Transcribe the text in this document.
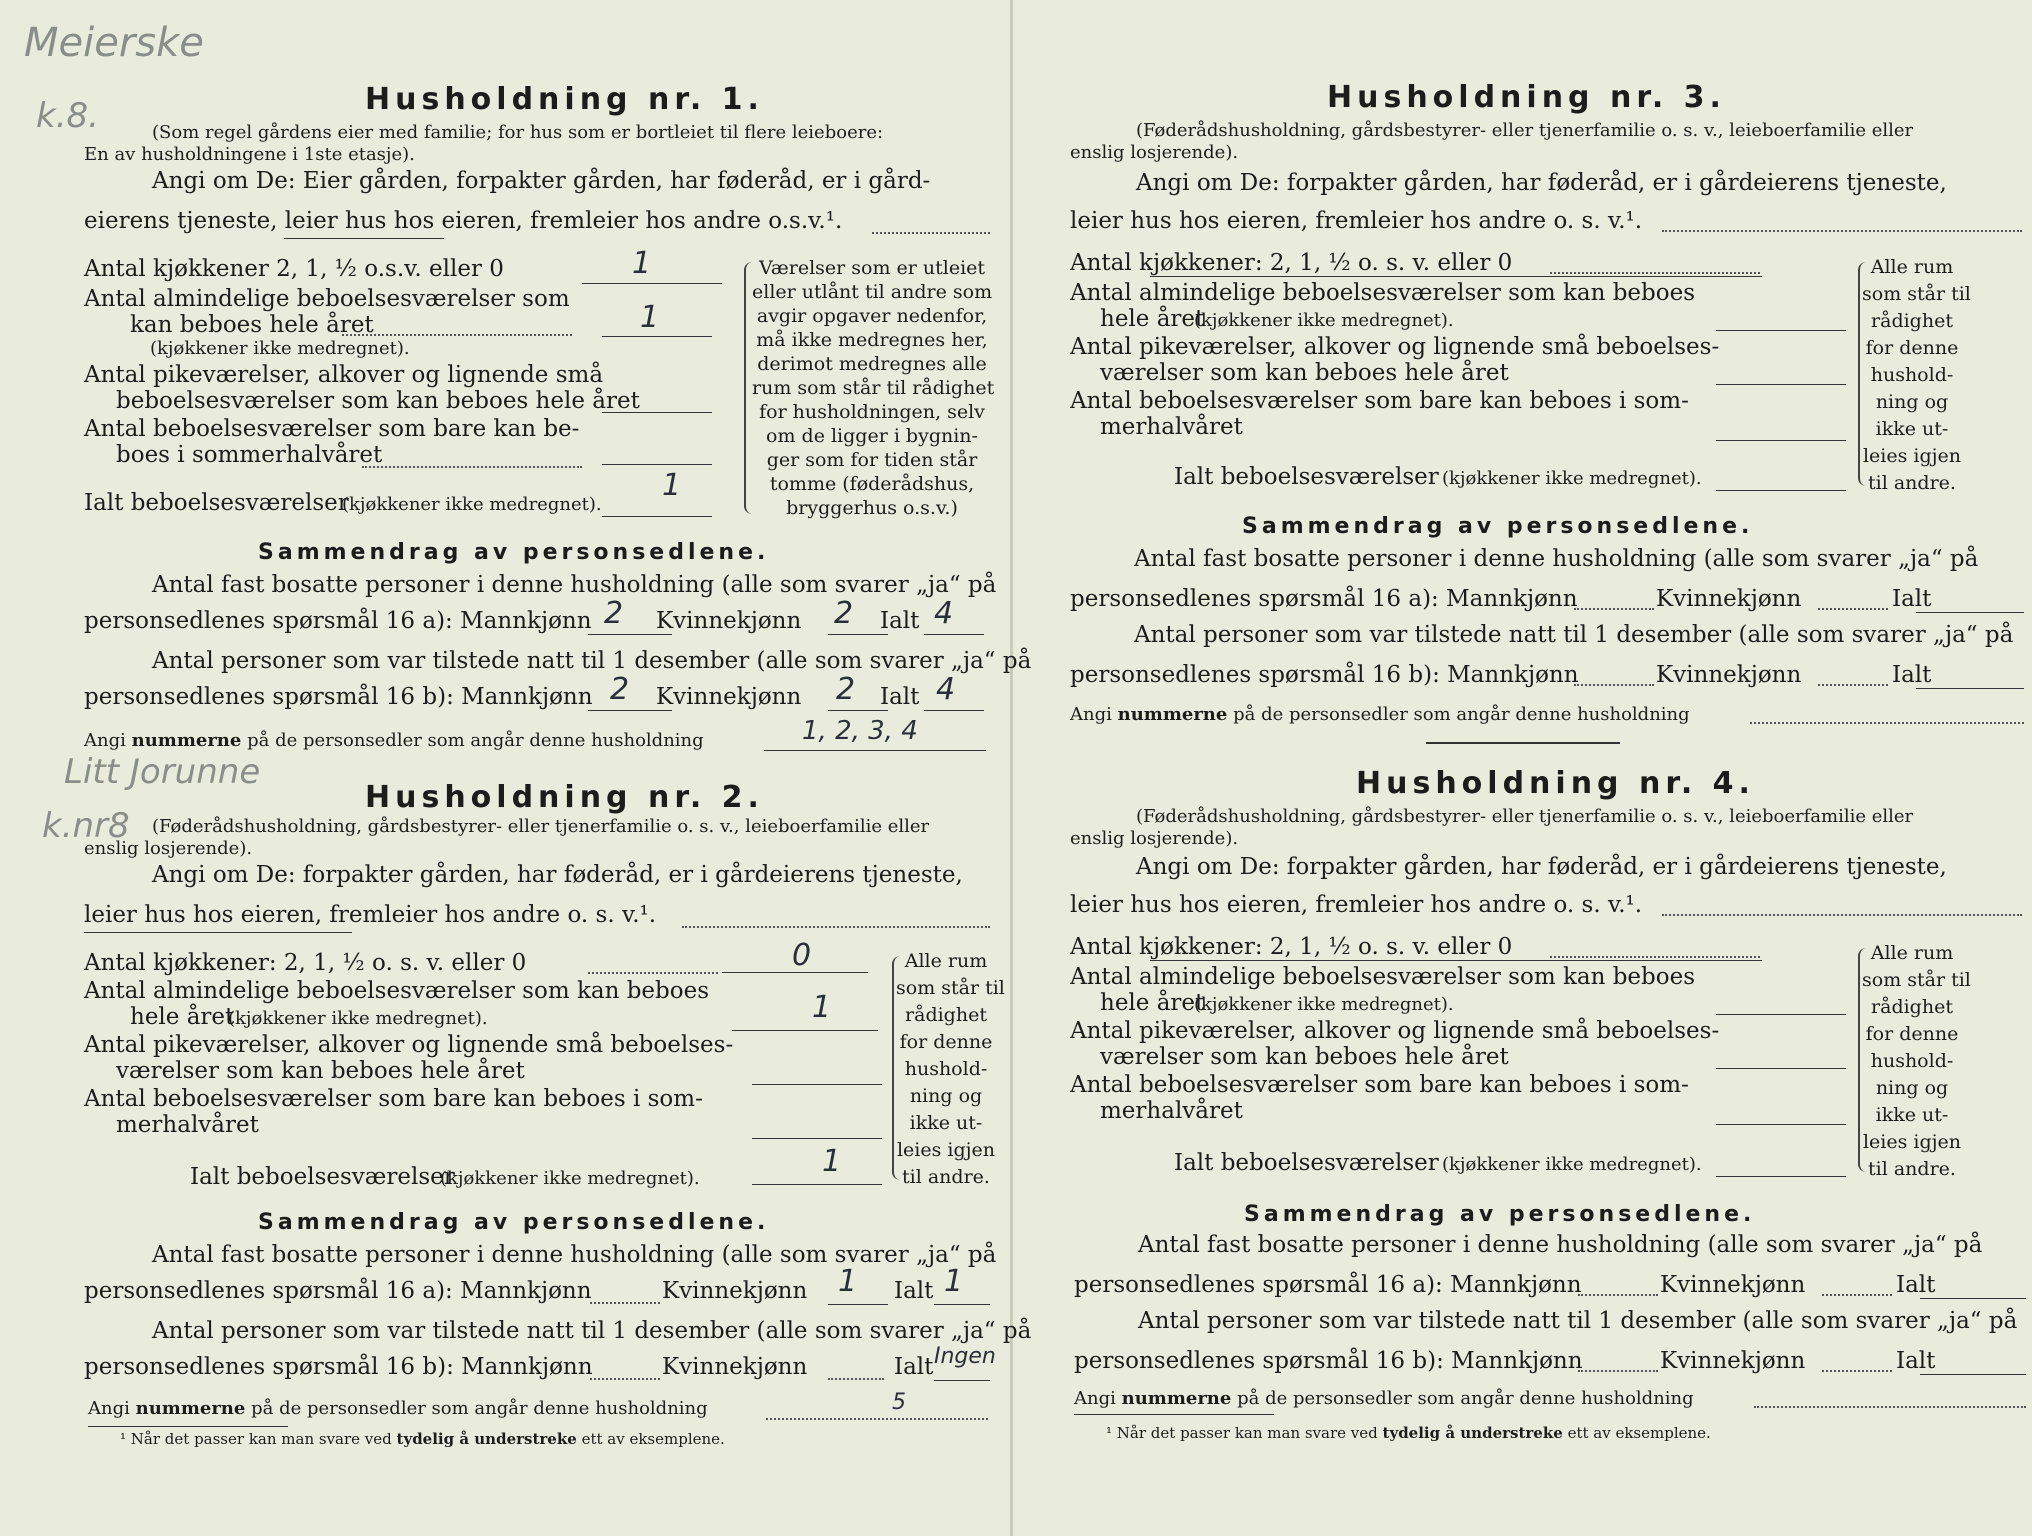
Meierske
k.8.	Husholdning nr. 1.
(Som regel gårdens eier med familie; for hus som er bortleiet til flere leieboere:
En av husholdningene i 1ste etasje).
Angi om De: Eier gården, forpakter gården, har føderåd, er i gård-
eierens tjeneste, leier hus hos eieren, fremleier hos andre o.s.v.¹.
Antal kjøkkener 2, 1, ½ o.s.v. eller 0	1
Antal almindelige beboelsesværelser som
kan beboes hele året	1
(kjøkkener ikke medregnet).
Antal pikeværelser, alkover og lignende små
beboelsesværelser som kan beboes hele året
Antal beboelsesværelser som bare kan be-
boes i sommerhalvåret
Ialt beboelsesværelser
(kjøkkener ikke medregnet).
1
Værelser som er utleiet
eller utlånt til andre som
avgir opgaver nedenfor,
må ikke medregnes her,
derimot medregnes alle
rum som står til rådighet
for husholdningen, selv
om de ligger i bygnin-
ger som for tiden står
tomme (føderådshus,
bryggerhus o.s.v.)
Sammendrag av personsedlene.
Antal fast bosatte personer i denne husholdning (alle som svarer „ja“ på
personsedlenes spørsmål 16 a): Mannkjønn 2 Kvinnekjønn 2 Ialt 4
Antal personer som var tilstede natt til 1 desember (alle som svarer „ja“ på
personsedlenes spørsmål 16 b): Mannkjønn 2 Kvinnekjønn 2 Ialt 4
Angi nummerne på de personsedler som angår denne husholdning	1, 2, 3, 4
Litt Jorunne
k.nr8
Husholdning nr. 2.
(Føderådshusholdning, gårdsbestyrer- eller tjenerfamilie o. s. v., leieboerfamilie eller
enslig losjerende).
Angi om De: forpakter gården, har føderåd, er i gårdeierens tjeneste,
leier hus hos eieren, fremleier hos andre o. s. v.¹.
Antal kjøkkener: 2, 1, ½ o. s. v. eller 0	0
Antal almindelige beboelsesværelser som kan beboes
hele året
(kjøkkener ikke medregnet).	1
Antal pikeværelser, alkover og lignende små beboelses-
værelser som kan beboes hele året
Antal beboelsesværelser som bare kan beboes i som-
merhalvåret
Ialt beboelsesværelser
(kjøkkener ikke medregnet).	1
Alle rum
som står til
rådighet
for denne
hushold-
ning og
ikke ut-
leies igjen
til andre.
Sammendrag av personsedlene.
Antal fast bosatte personer i denne husholdning (alle som svarer „ja“ på
personsedlenes spørsmål 16 a): Mannkjønn	Kvinnekjønn 1 Ialt 1
Antal personer som var tilstede natt til 1 desember (alle som svarer „ja“ på
personsedlenes spørsmål 16 b): Mannkjønn	Kvinnekjønn	Ialt Ingen
Angi nummerne på de personsedler som angår denne husholdning	5
¹ Når det passer kan man svare ved tydelig å understreke ett av eksemplene.
Husholdning nr. 3.
(Føderådshusholdning, gårdsbestyrer- eller tjenerfamilie o. s. v., leieboerfamilie eller
enslig losjerende).
Angi om De: forpakter gården, har føderåd, er i gårdeierens tjeneste,
leier hus hos eieren, fremleier hos andre o. s. v.¹.
Antal kjøkkener: 2, 1, ½ o. s. v. eller 0
Antal almindelige beboelsesværelser som kan beboes
hele året
(kjøkkener ikke medregnet).
Antal pikeværelser, alkover og lignende små beboelses-
værelser som kan beboes hele året
Antal beboelsesværelser som bare kan beboes i som-
merhalvåret
Ialt beboelsesværelser (kjøkkener ikke medregnet).
Alle rum
som står til
rådighet
for denne
hushold-
ning og
ikke ut-
leies igjen
til andre.
Sammendrag av personsedlene.
Antal fast bosatte personer i denne husholdning (alle som svarer „ja“ på
personsedlenes spørsmål 16 a): Mannkjønn	Kvinnekjønn	Ialt
Antal personer som var tilstede natt til 1 desember (alle som svarer „ja“ på
personsedlenes spørsmål 16 b): Mannkjønn	Kvinnekjønn	Ialt
Angi nummerne på de personsedler som angår denne husholdning
Husholdning nr. 4.
(Føderådshusholdning, gårdsbestyrer- eller tjenerfamilie o. s. v., leieboerfamilie eller
enslig losjerende).
Angi om De: forpakter gården, har føderåd, er i gårdeierens tjeneste,
leier hus hos eieren, fremleier hos andre o. s. v.¹.
Antal kjøkkener: 2, 1, ½ o. s. v. eller 0
Antal almindelige beboelsesværelser som kan beboes
hele året
(kjøkkener ikke medregnet).
Antal pikeværelser, alkover og lignende små beboelses-
værelser som kan beboes hele året
Antal beboelsesværelser som bare kan beboes i som-
merhalvåret
Ialt beboelsesværelser (kjøkkener ikke medregnet).
Alle rum
som står til
rådighet
for denne
hushold-
ning og
ikke ut-
leies igjen
til andre.
Sammendrag av personsedlene.
Antal fast bosatte personer i denne husholdning (alle som svarer „ja“ på
personsedlenes spørsmål 16 a): Mannkjønn	Kvinnekjønn	Ialt
Antal personer som var tilstede natt til 1 desember (alle som svarer „ja“ på
personsedlenes spørsmål 16 b): Mannkjønn	Kvinnekjønn	Ialt
Angi nummerne på de personsedler som angår denne husholdning
¹ Når det passer kan man svare ved tydelig å understreke ett av eksemplene.
